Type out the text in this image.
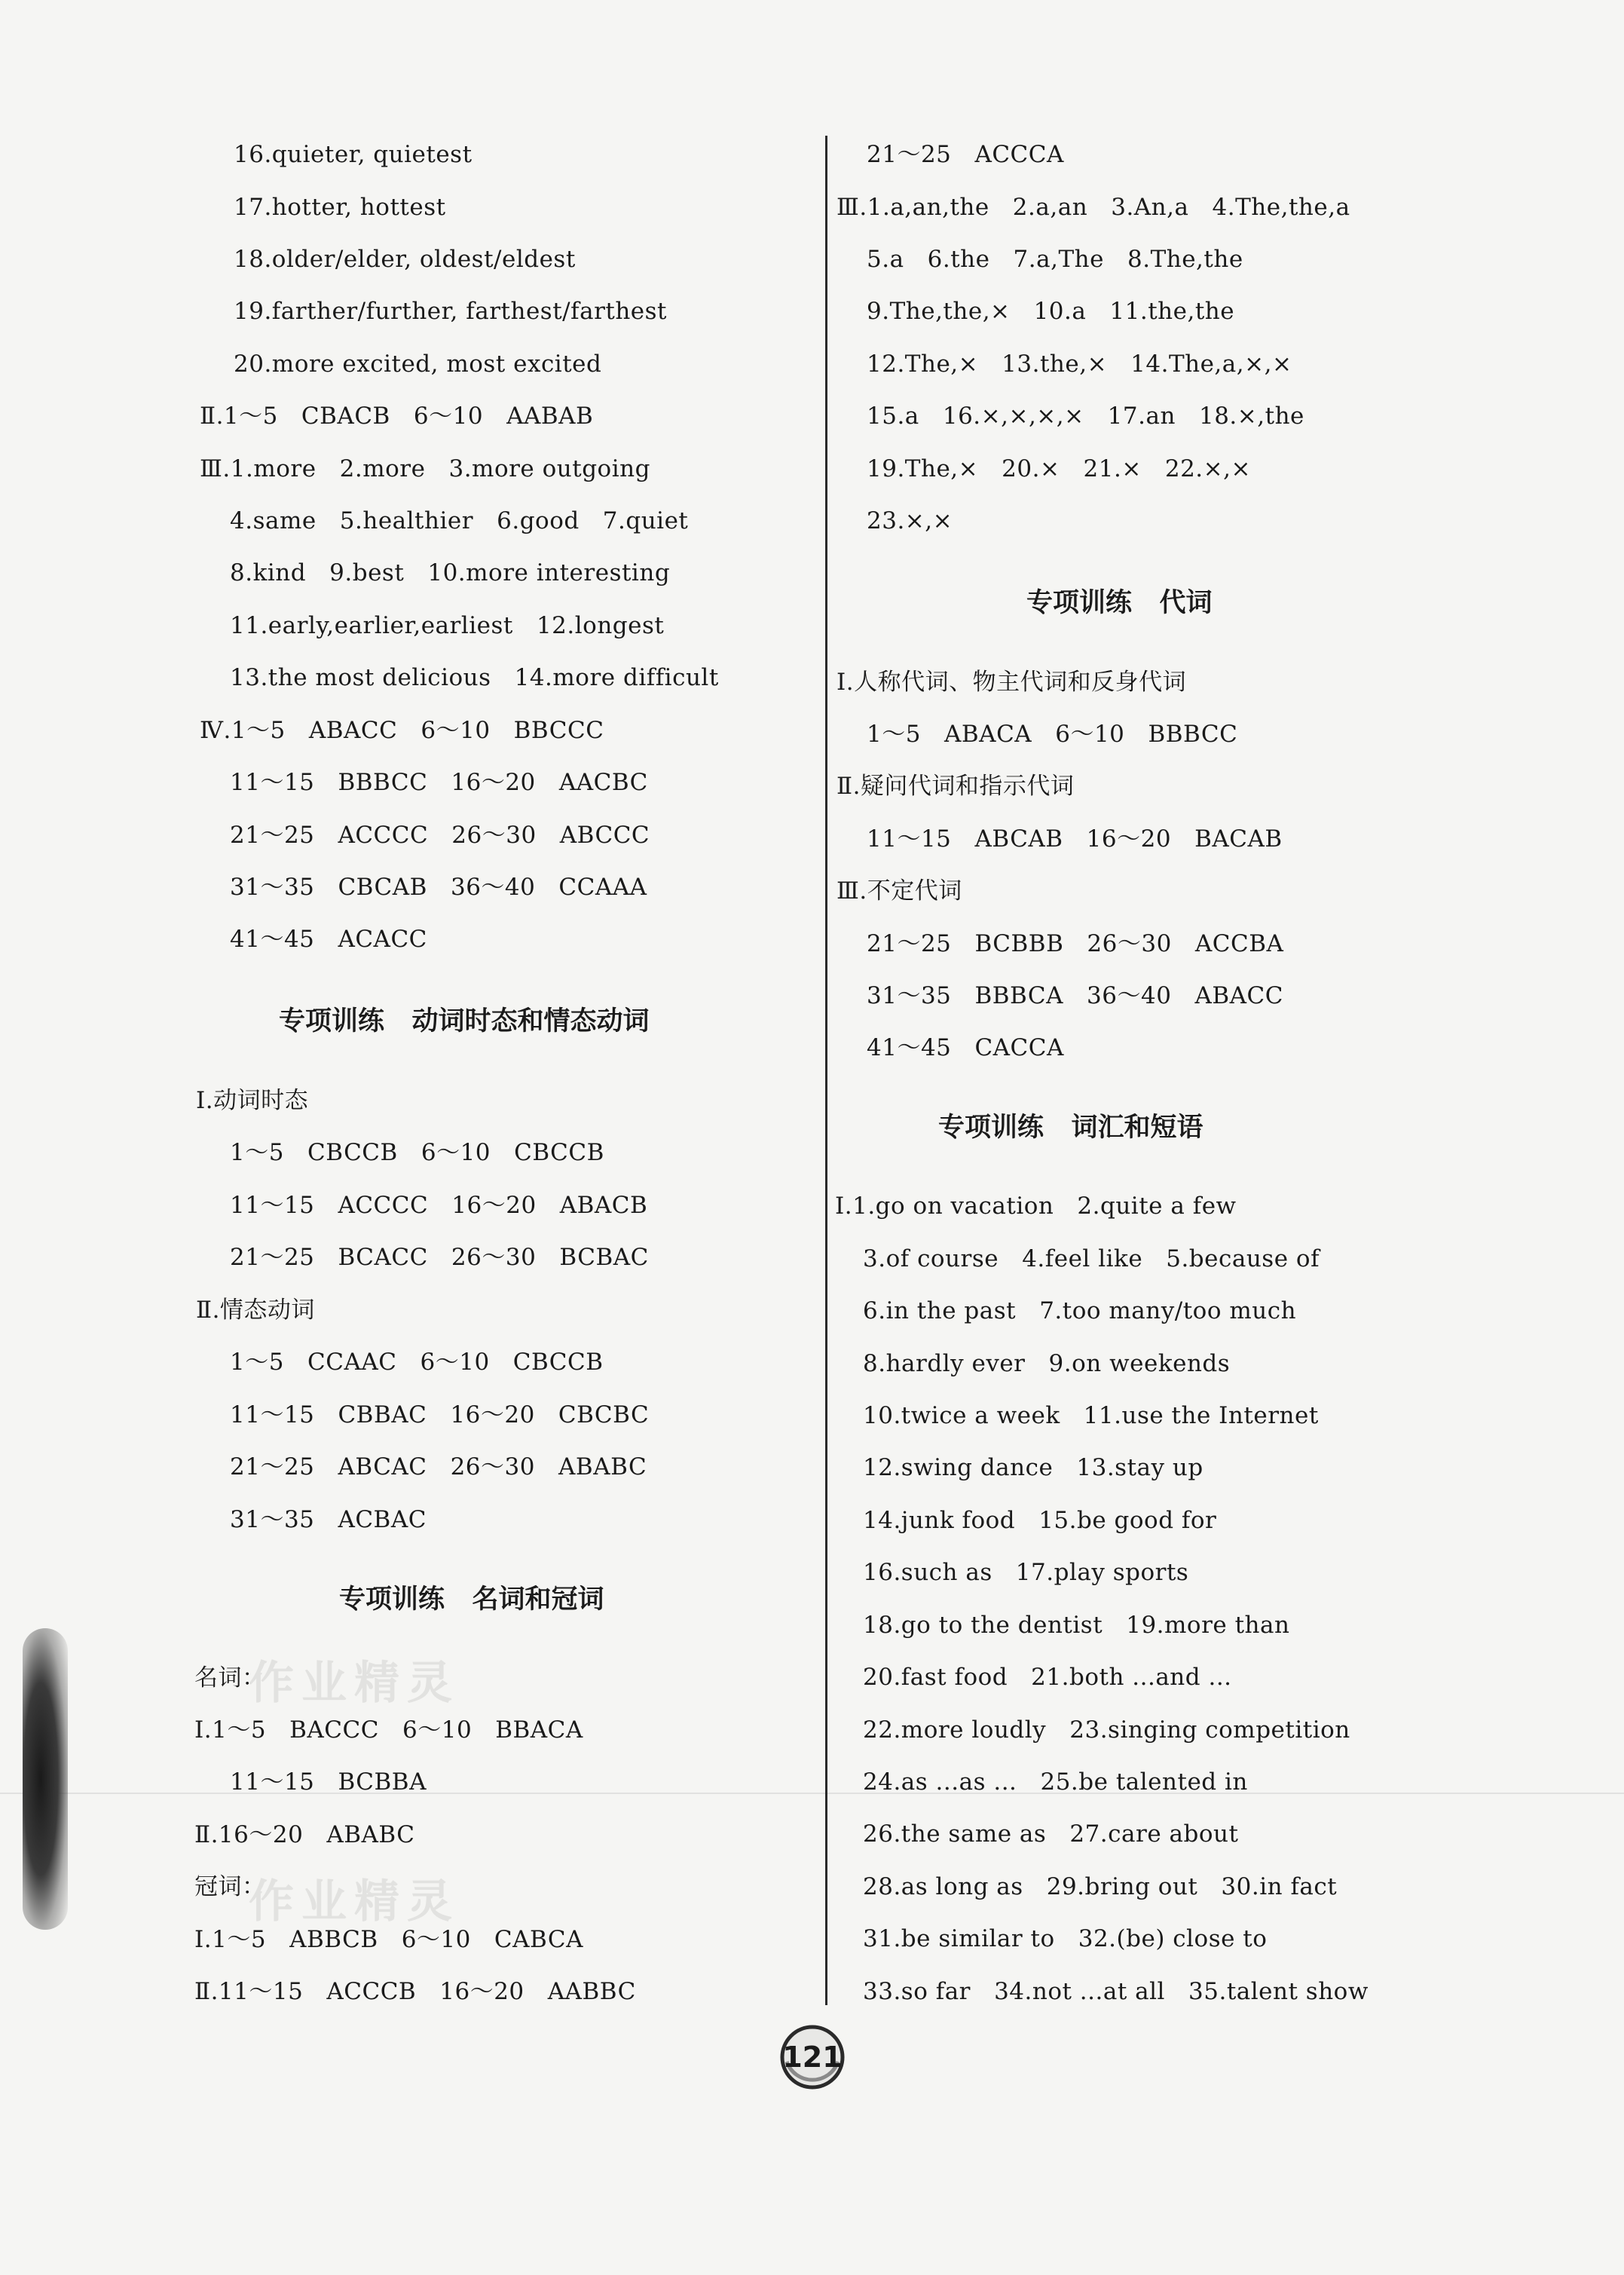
作业精灵
作业精灵
16.quieter, quietest
17.hotter, hottest
18.older/elder, oldest/eldest
19.farther/further, farthest/farthest
20.more excited, most excited
Ⅱ.1～5   CBACB   6～10   AABAB
Ⅲ.1.more   2.more   3.more outgoing
4.same   5.healthier   6.good   7.quiet
8.kind   9.best   10.more interesting
11.early,earlier,earliest   12.longest
13.the most delicious   14.more difficult
Ⅳ.1～5   ABACC   6～10   BBCCC
11～15   BBBCC   16～20   AACBC
21～25   ACCCC   26～30   ABCCC
31～35   CBCAB   36～40   CCAAA
41～45   ACACC
专项训练   动词时态和情态动词
Ⅰ.动词时态
1～5   CBCCB   6～10   CBCCB
11～15   ACCCC   16～20   ABACB
21～25   BCACC   26～30   BCBAC
Ⅱ.情态动词
1～5   CCAAC   6～10   CBCCB
11～15   CBBAC   16～20   CBCBC
21～25   ABCAC   26～30   ABABC
31～35   ACBAC
专项训练   名词和冠词
名词：
Ⅰ.1～5   BACCC   6～10   BBACA
11～15   BCBBA
Ⅱ.16～20   ABABC
冠词：
Ⅰ.1～5   ABBCB   6～10   CABCA
Ⅱ.11～15   ACCCB   16～20   AABBC
21～25   ACCCA
Ⅲ.1.a,an,the   2.a,an   3.An,a   4.The,the,a
5.a   6.the   7.a,The   8.The,the
9.The,the,×   10.a   11.the,the
12.The,×   13.the,×   14.The,a,×,×
15.a   16.×,×,×,×   17.an   18.×,the
19.The,×   20.×   21.×   22.×,×
23.×,×
专项训练   代词
Ⅰ.人称代词、物主代词和反身代词
1～5   ABACA   6～10   BBBCC
Ⅱ.疑问代词和指示代词
11～15   ABCAB   16～20   BACAB
Ⅲ.不定代词
21～25   BCBBB   26～30   ACCBA
31～35   BBBCA   36～40   ABACC
41～45   CACCA
专项训练   词汇和短语
Ⅰ.1.go on vacation   2.quite a few
3.of course   4.feel like   5.because of
6.in the past   7.too many/too much
8.hardly ever   9.on weekends
10.twice a week   11.use the Internet
12.swing dance   13.stay up
14.junk food   15.be good for
16.such as   17.play sports
18.go to the dentist   19.more than
20.fast food   21.both ...and ...
22.more loudly   23.singing competition
24.as ...as ...   25.be talented in
26.the same as   27.care about
28.as long as   29.bring out   30.in fact
31.be similar to   32.(be) close to
33.so far   34.not ...at all   35.talent show
121
